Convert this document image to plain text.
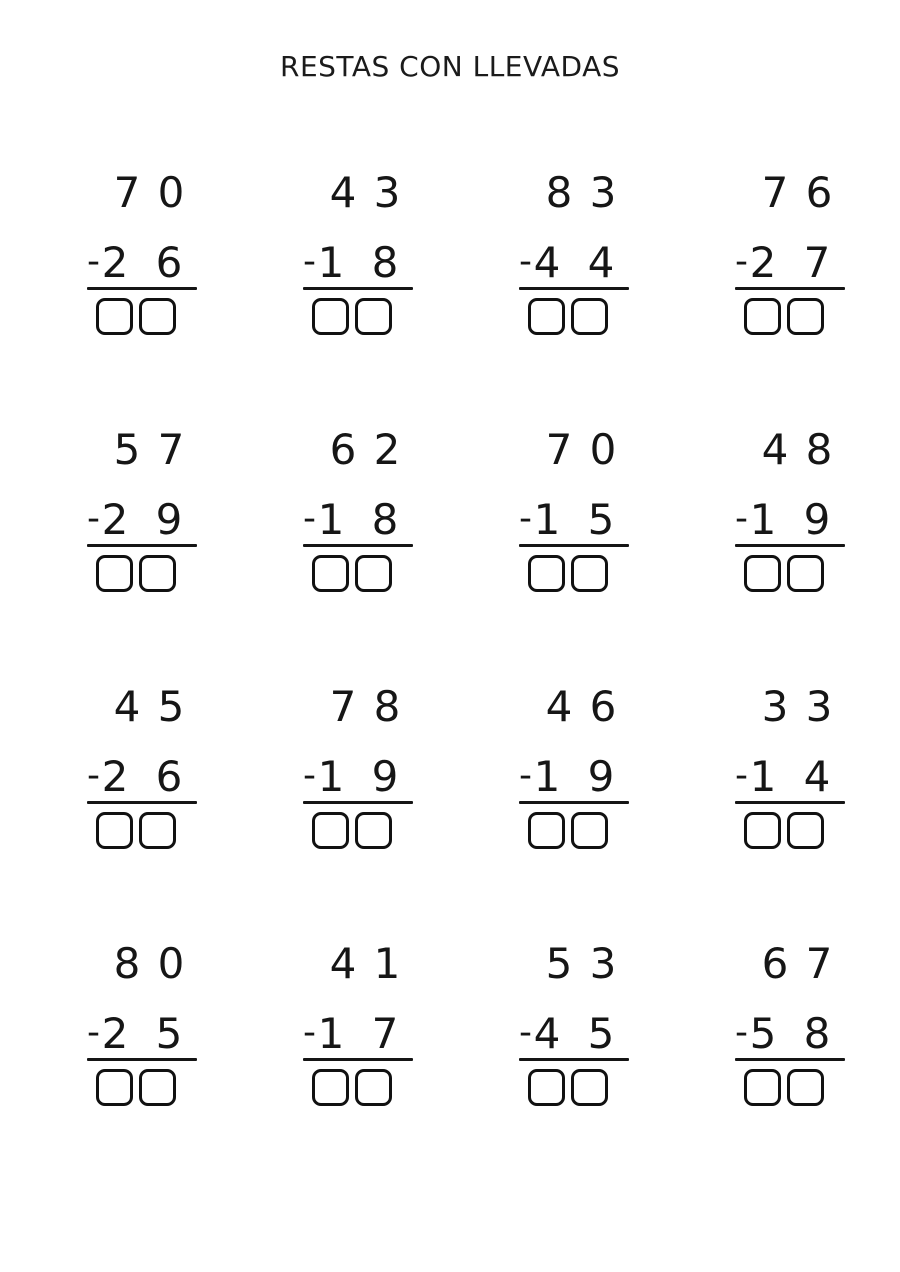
RESTAS CON LLEVADAS
7 0
- 2 6
4 3
- 1 8
8 3
- 4 4
7 6
- 2 7
5 7
- 2 9
6 2
- 1 8
7 0
- 1 5
4 8
- 1 9
4 5
- 2 6
7 8
- 1 9
4 6
- 1 9
3 3
- 1 4
8 0
- 2 5
4 1
- 1 7
5 3
- 4 5
6 7
- 5 8
